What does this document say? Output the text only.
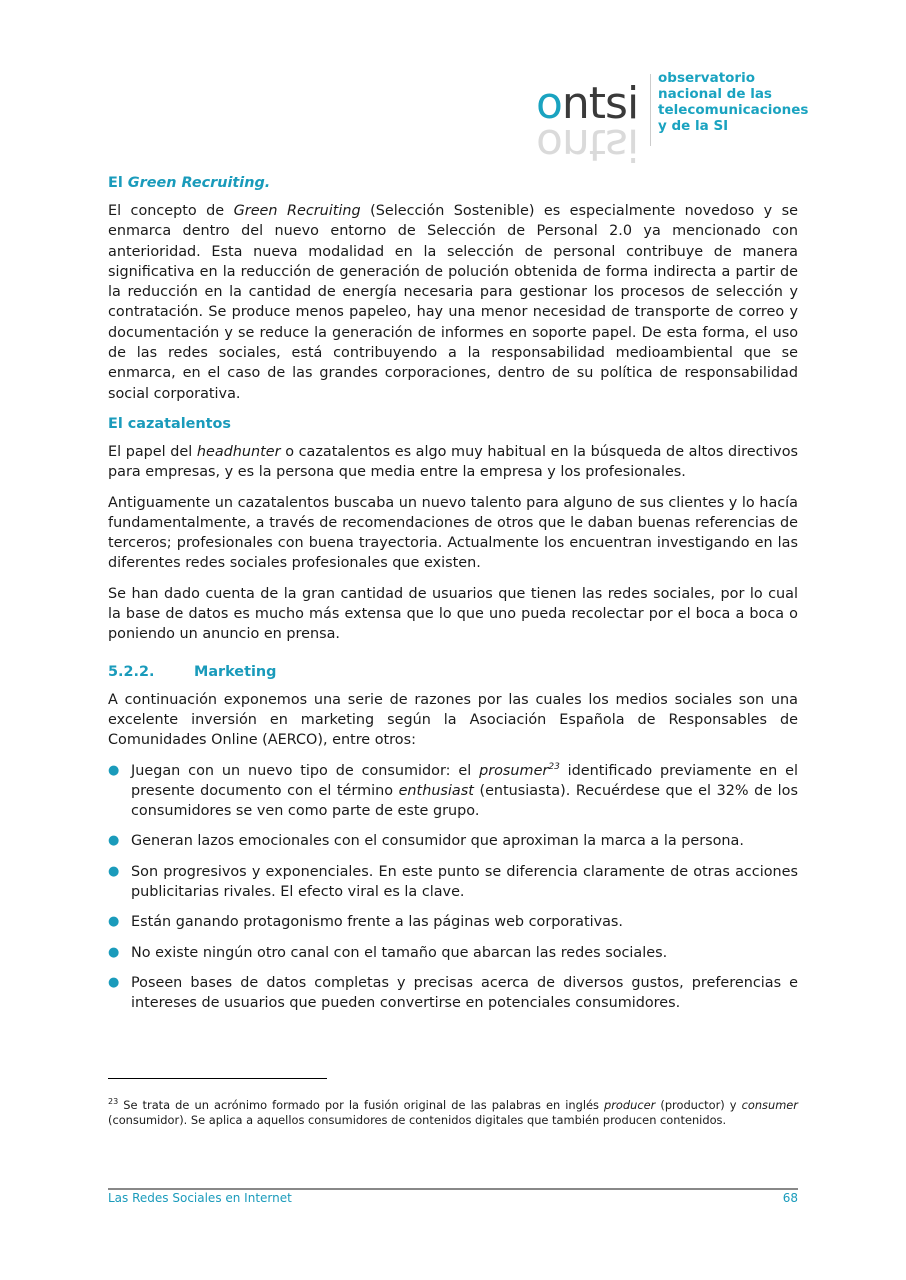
ontsi
ontsi
observatorio
nacional de las
telecomunicaciones
y de la SI
El Green Recruiting.

El concepto de Green Recruiting (Selección Sostenible) es especialmente novedoso y se enmarca dentro del nuevo entorno de Selección de Personal 2.0 ya mencionado con anterioridad. Esta nueva modalidad en la selección de personal contribuye de manera significativa en la reducción de generación de polución obtenida de forma indirecta a partir de la reducción en la cantidad de energía necesaria para gestionar los procesos de selección y contratación. Se produce menos papeleo, hay una menor necesidad de transporte de correo y documentación y se reduce la generación de informes en soporte papel. De esta forma, el uso de las redes sociales, está contribuyendo a la responsabilidad medioambiental que se enmarca, en el caso de las grandes corporaciones, dentro de su política de responsabilidad social corporativa.

El cazatalentos

El papel del headhunter o cazatalentos es algo muy habitual en la búsqueda de altos directivos para empresas, y es la persona que media entre la empresa y los profesionales.

Antiguamente un cazatalentos buscaba un nuevo talento para alguno de sus clientes y lo hacía fundamentalmente, a través de recomendaciones de otros que le daban buenas referencias de terceros; profesionales con buena trayectoria. Actualmente los encuentran investigando en las diferentes redes sociales profesionales que existen.

Se han dado cuenta de la gran cantidad de usuarios que tienen las redes sociales, por lo cual la base de datos es mucho más extensa que lo que uno pueda recolectar por el boca a boca o poniendo un anuncio en prensa.

5.2.2.	Marketing

A continuación exponemos una serie de razones por las cuales los medios sociales son una excelente inversión en marketing según la Asociación Española de Responsables de Comunidades Online (AERCO), entre otros:

● Juegan con un nuevo tipo de consumidor: el prosumer$^{23}$ identificado previamente en el presente documento con el término enthusiast (entusiasta). Recuérdese que el 32% de los consumidores se ven como parte de este grupo.
● Generan lazos emocionales con el consumidor que aproximan la marca a la persona.
● Son progresivos y exponenciales. En este punto se diferencia claramente de otras acciones publicitarias rivales. El efecto viral es la clave.
● Están ganando protagonismo frente a las páginas web corporativas.
● No existe ningún otro canal con el tamaño que abarcan las redes sociales.
● Poseen bases de datos completas y precisas acerca de diversos gustos, preferencias e intereses de usuarios que pueden convertirse en potenciales consumidores.
$^{23}$ Se trata de un acrónimo formado por la fusión original de las palabras en inglés producer (productor) y consumer (consumidor). Se aplica a aquellos consumidores de contenidos digitales que también producen contenidos.
Las Redes Sociales en Internet	68
